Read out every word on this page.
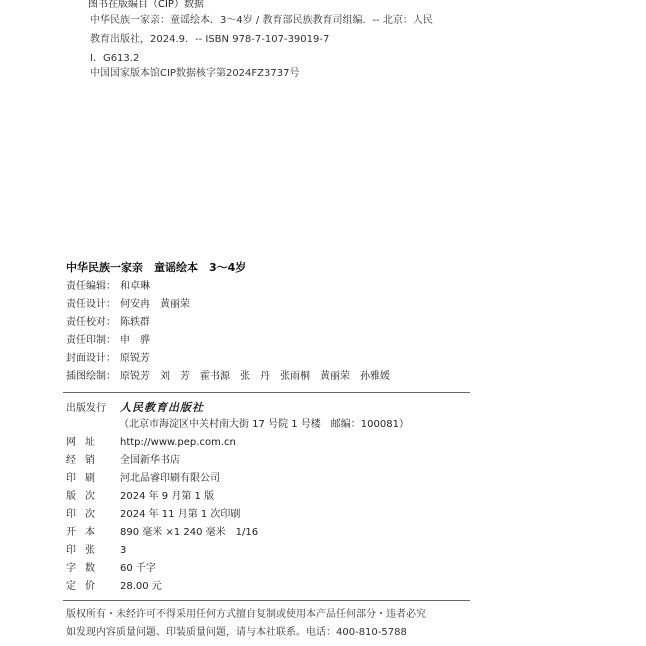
图书在版编目（CIP）数据
中华民族一家亲：童谣绘本．3～4岁 / 教育部民族教育司组编．-- 北京：人民
教育出版社，2024.9．-- ISBN 978-7-107-39019-7
Ⅰ．G613.2
中国国家版本馆CIP数据核字第2024FZ3737号
中华民族一家亲　童谣绘本　3～4岁
责任编辑： 和卓琳
责任设计： 何安冉　黄丽荣
责任校对： 陈轶群
责任印制： 申　骅
封面设计： 原锐芳
插图绘制： 原锐芳　刘　芳　霍书源　张　丹　张雨桐　黄丽荣　孙雅媛
出版发行 人民教育出版社
（北京市海淀区中关村南大街 17 号院 1 号楼　邮编：100081）
网址 http://www.pep.com.cn
经销 全国新华书店
印刷 河北品睿印刷有限公司
版次 2024 年 9 月第 1 版
印次 2024 年 11 月第 1 次印刷
开本 890 毫米 ×1 240 毫米　1/16
印张 3
字数 60 千字
定价 28.00 元
版权所有・未经许可不得采用任何方式擅自复制或使用本产品任何部分・违者必究
如发现内容质量问题、印装质量问题，请与本社联系。电话：400-810-5788
